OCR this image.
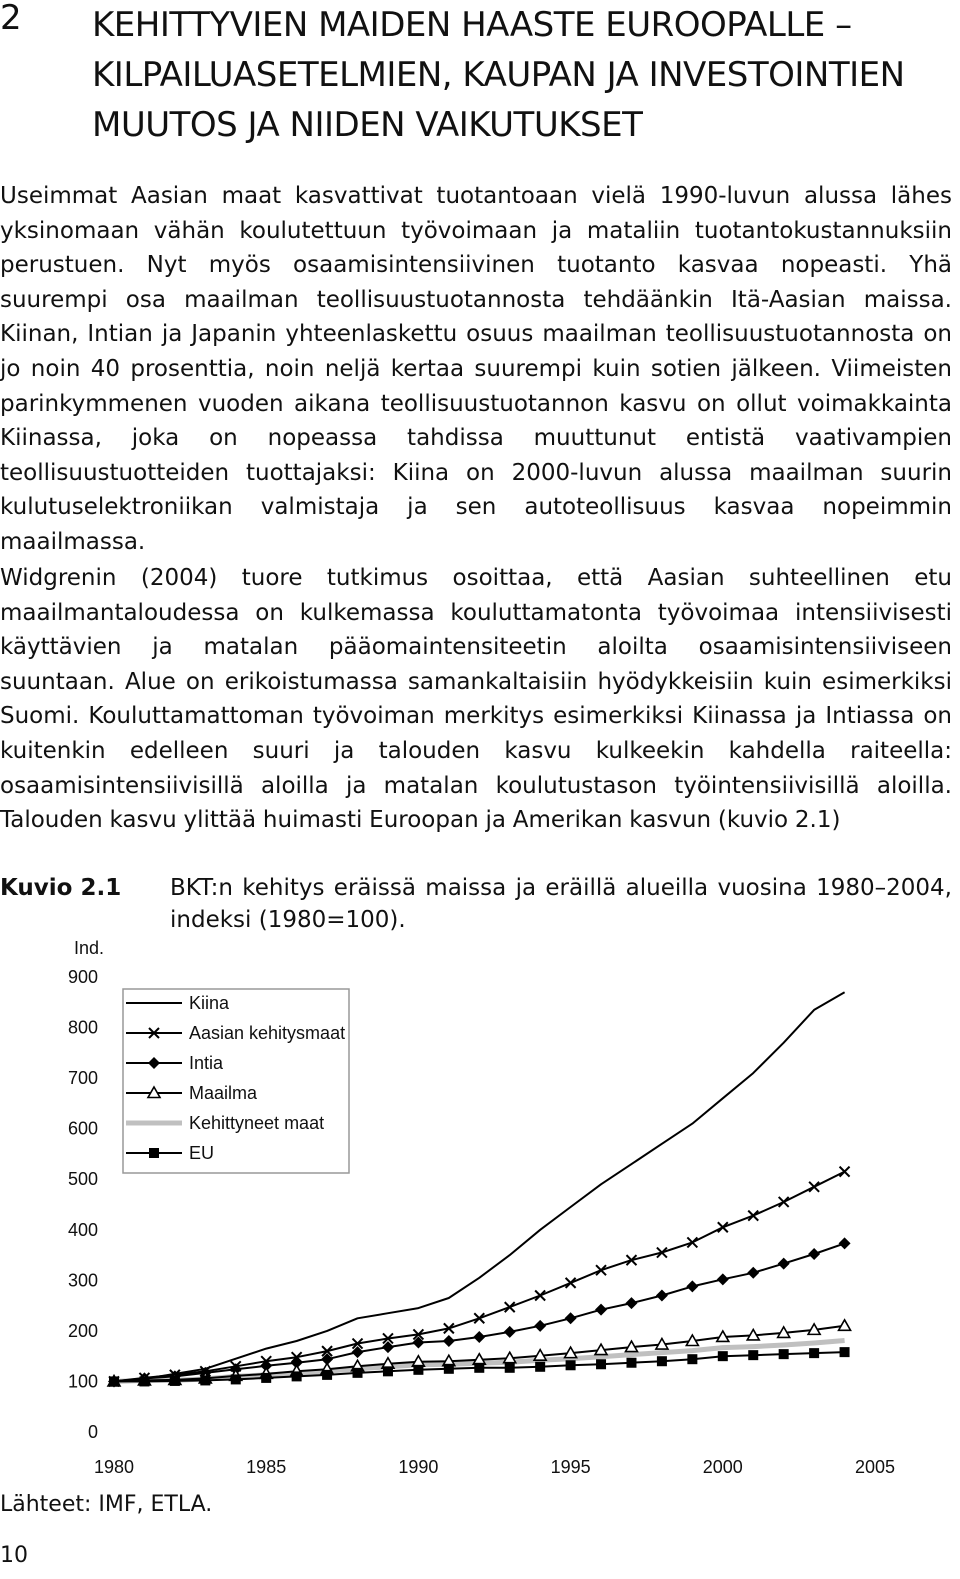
2 KEHITTYVIEN MAIDEN HAASTE EUROOPALLE – KILPAILUASETELMIEN, KAUPAN JA INVESTOINTIEN MUUTOS JA NIIDEN VAIKUTUKSET

Useimmat Aasian maat kasvattivat tuotantoaan vielä 1990-luvun alussa lähes yksinomaan vähän koulutettuun työvoimaan ja mataliin tuotantokustannuksiin perustuen. Nyt myös osaamisintensiivinen tuotanto kasvaa nopeasti. Yhä suurempi osa maailman teollisuustuotannosta tehdäänkin Itä-Aasian maissa. Kiinan, Intian ja Japanin yhteenlaskettu osuus maailman teollisuustuotannosta on jo noin 40 prosenttia, noin neljä kertaa suurempi kuin sotien jälkeen. Viimeisten parinkymmenen vuoden aikana teollisuustuotannon kasvu on ollut voimakkainta Kiinassa, joka on nopeassa tahdissa muuttunut entistä vaativampien teollisuustuotteiden tuottajaksi: Kiina on 2000-luvun alussa maailman suurin kulutuselektroniikan valmistaja ja sen autoteollisuus kasvaa nopeimmin maailmassa.

Widgrenin (2004) tuore tutkimus osoittaa, että Aasian suhteellinen etu maailmantaloudessa on kulkemassa kouluttamatonta työvoimaa intensiivisesti käyttävien ja matalan pääomaintensiteetin aloilta osaamisintensiiviseen suuntaan. Alue on erikoistumassa samankaltaisiin hyödykkeisiin kuin esimerkiksi Suomi. Kouluttamattoman työvoiman merkitys esimerkiksi Kiinassa ja Intiassa on kuitenkin edelleen suuri ja talouden kasvu kulkeekin kahdella raiteella: osaamisintensiivisillä aloilla ja matalan koulutustason työintensiivisillä aloilla. Talouden kasvu ylittää huimasti Euroopan ja Amerikan kasvun (kuvio 2.1)

Kuvio 2.1 BKT:n kehitys eräissä maissa ja eräillä alueilla vuosina 1980–2004, indeksi (1980=100).

Ind.
0
100
200
300
400
500
600
700
800
900
1980	1985	1990	1995	2000	2005
Kiina
Aasian kehitysmaat
Intia
Maailma
Kehittyneet maat
EU
Lähteet: IMF, ETLA.
10
